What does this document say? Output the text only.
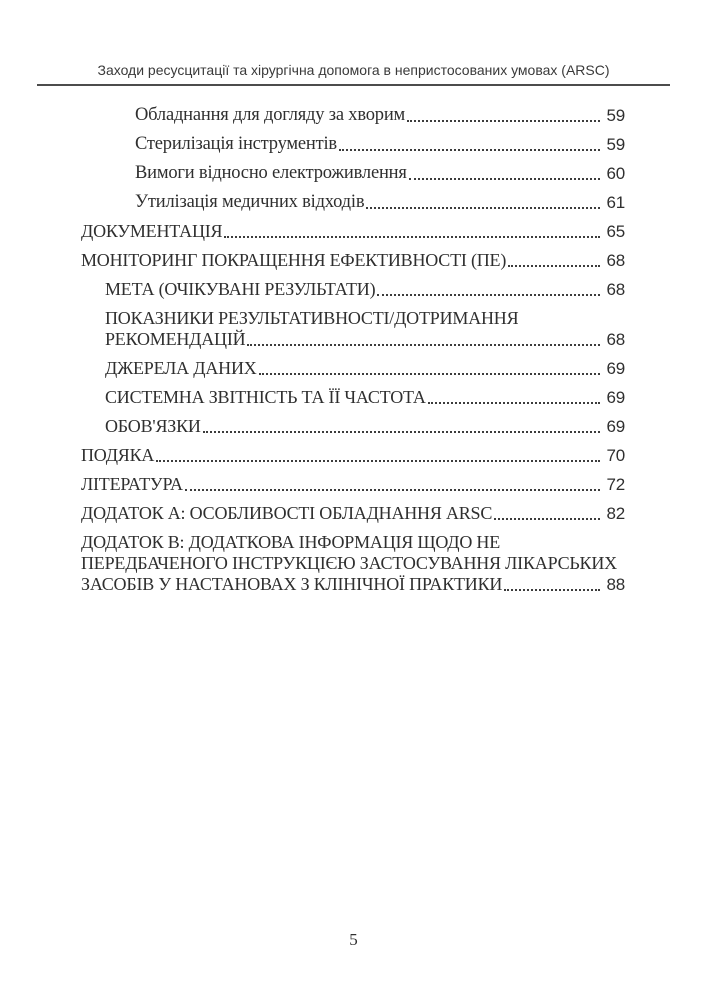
Заходи ресусцитації та хірургічна допомога в непристосованих умовах (ARSC)
Обладнання для догляду за хворим	59
Стерилізація інструментів	59
Вимоги відносно електроживлення	60
Утилізація медичних відходів	61
ДОКУМЕНТАЦІЯ	65
МОНІТОРИНГ ПОКРАЩЕННЯ ЕФЕКТИВНОСТІ (ПЕ)	68
МЕТА (ОЧІКУВАНІ РЕЗУЛЬТАТИ)	68
ПОКАЗНИКИ РЕЗУЛЬТАТИВНОСТІ/ДОТРИМАННЯ
РЕКОМЕНДАЦІЙ	68
ДЖЕРЕЛА ДАНИХ	69
СИСТЕМНА ЗВІТНІСТЬ ТА ЇЇ ЧАСТОТА	69
ОБОВ'ЯЗКИ	69
ПОДЯКА	70
ЛІТЕРАТУРА	72
ДОДАТОК А: ОСОБЛИВОСТІ ОБЛАДНАННЯ ARSC	82
ДОДАТОК В: ДОДАТКОВА ІНФОРМАЦІЯ ЩОДО НЕ
ПЕРЕДБАЧЕНОГО ІНСТРУКЦІЄЮ ЗАСТОСУВАННЯ ЛІКАРСЬКИХ
ЗАСОБІВ У НАСТАНОВАХ З КЛІНІЧНОЇ ПРАКТИКИ	88
5
